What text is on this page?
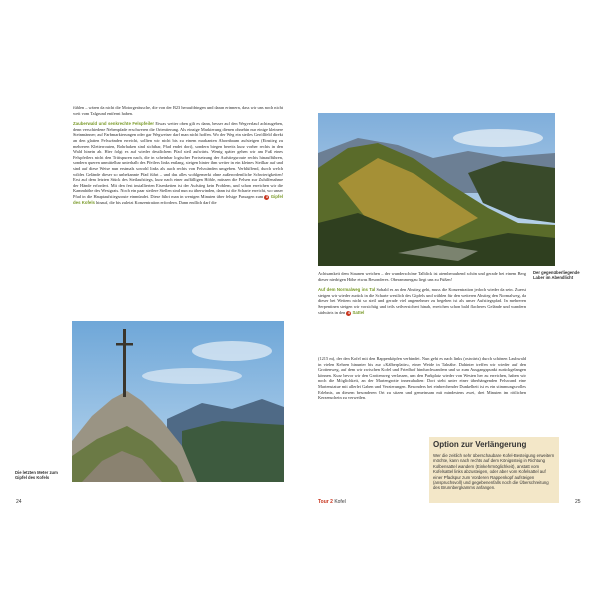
fühlen – wären da nicht die Motorgeräusche, die von der B23 heraufdringen und daran erinnern, dass wir uns noch nicht weit vom Talgrund entfernt haben.

Zauberwald und senkrechte Felspfeiler Etwas weiter oben gilt es dann, besser auf den Wegverlauf achtzugeben, denn verschiedene Nebenpfade erschweren die Orientierung. Als einzige Markierung dienen ohnehin nur einige kleinere Steinmänner; auf Farbmarkierungen oder gar Wegweiser darf man nicht hoffen. Wo der Weg ein steiles Geröllfeld direkt an den glatten Felswänden erreicht, sollten wir nicht bis zu einem markanten Ahornbaum aufsteigen (Einstieg zu mehreren Kletterrouten, Bohrhaken sind sichtbar, Pfad endet dort), sondern biegen bereits kurz vorher rechts in den Wald hinein ab. Hier folgt es auf wieder deutlichem Pfad steil aufwärts. Wenig später gehen wir am Fuß eines Felspfeilers nicht den Trittspuren nach, die in scheinbar logischer Fortsetzung der Aufstiegsroute rechts hinaufführen, sondern queren unmittelbar unterhalb des Pfeilers links entlang, steigen hinter ihm weiter in ein kleines Steilkar auf und sind auf diese Weise nun erstmals sowohl links als auch rechts von Felswänden umgeben. Verblüffend, durch welch wildes Gelände dieser so unbekannte Pfad führt – und das alles wohlgemerkt ohne außerordentliche Schwierigkeiten! Erst auf dem letzten Stück des Steilaufstiegs, kurz nach einer auffälligen Höhle, müssen die Felsen zur Zuhilfenahme der Hände erfordert. Mit den fest installierten Eisenketten ist der Aufstieg kein Problem, und schon erreichen wir die Kammhöhe des Westgrats. Noch ein paar steilere Stellen sind nun zu überwinden, dann ist die Scharte erreicht, wo unser Pfad in die Hauptaufstiegsroute einmündet. Diese führt man in wenigen Minuten über felsige Passagen zum 3 Gipfel des Kofels hinauf, die bis zuletzt Konzentration erfordern. Dann endlich darf die

Die letzten Meter zum Gipfel des Kofels
24
Der gegenüberliegende Laber im Abendlicht

Achtsamkeit dem Staunen weichen – der wunderschöne Talblick ist atemberaubend schön und gerade bei einem Berg dieser niedrigen Höhe etwas Besonderes. Oberammergau liegt uns zu Füßen!

Auf dem Normalweg ins Tal Sobald es an den Abstieg geht, muss die Konzentration jedoch wieder da sein. Zuerst steigen wir wieder zurück in die Scharte westlich des Gipfels und wählen für den weiteren Abstieg den Normalweg, da dieser bei Weitem nicht so steil und gerade viel angenehmer zu begehen ist als unser Aufstiegspfad. In mehreren Serpentinen steigen wir vorsichtig und teils seilversichert hinab, erreichen schon bald flacheres Gelände und wandern südwärts in den 4 Sattel

(1215 m), der den Kofel mit den Rappenköpfen verbindet. Nun geht es nach links (ostwärts) durch schönen Laubwald in vielen Kehren hinunter bis zur »Kälberplatte«, einer Weide in Talnähe. Dahinter treffen wir wieder auf den Grottenweg, auf dem wir zwischen Kofel und Friedhof hindurchwandern und so zum Ausgangspunkt zurückgelangen können. Kurz bevor wir den Grottenweg verlassen, um den Parkplatz wieder von Westen her zu erreichen, haben wir noch die Möglichkeit, an der Mariengrotte innezuhalten: Dort steht unter einer überhängenden Felswand eine Marienstatue mit allerlei Gaben und Verzierungen. Besonders bei einbrechender Dunkelheit ist es ein stimmungsvolles Erlebnis, an diesem besonderen Ort zu sitzen und gemeinsam mit mindestens zwei, drei Minuten im rötlichen Kerzenschein zu verweilen.

Option zur Verlängerung
Wer die zeitlich sehr überschaubare Kofel-Besteigung erweitern möchte, kann nach rechts auf dem Königssteig in Richtung Kolbensattel wandern (Einkehrmöglichkeit), anstatt vom Kofelsattel links abzusteigen, oder aber vom Kofelsattel auf einer Pfadspur zum Vorderen Rappenkopf aufsteigen (anspruchsvoll) und gegebenenfalls noch die Überschreitung des Brunnbergkamms anfangen.
Tour 2 Kofel	25
